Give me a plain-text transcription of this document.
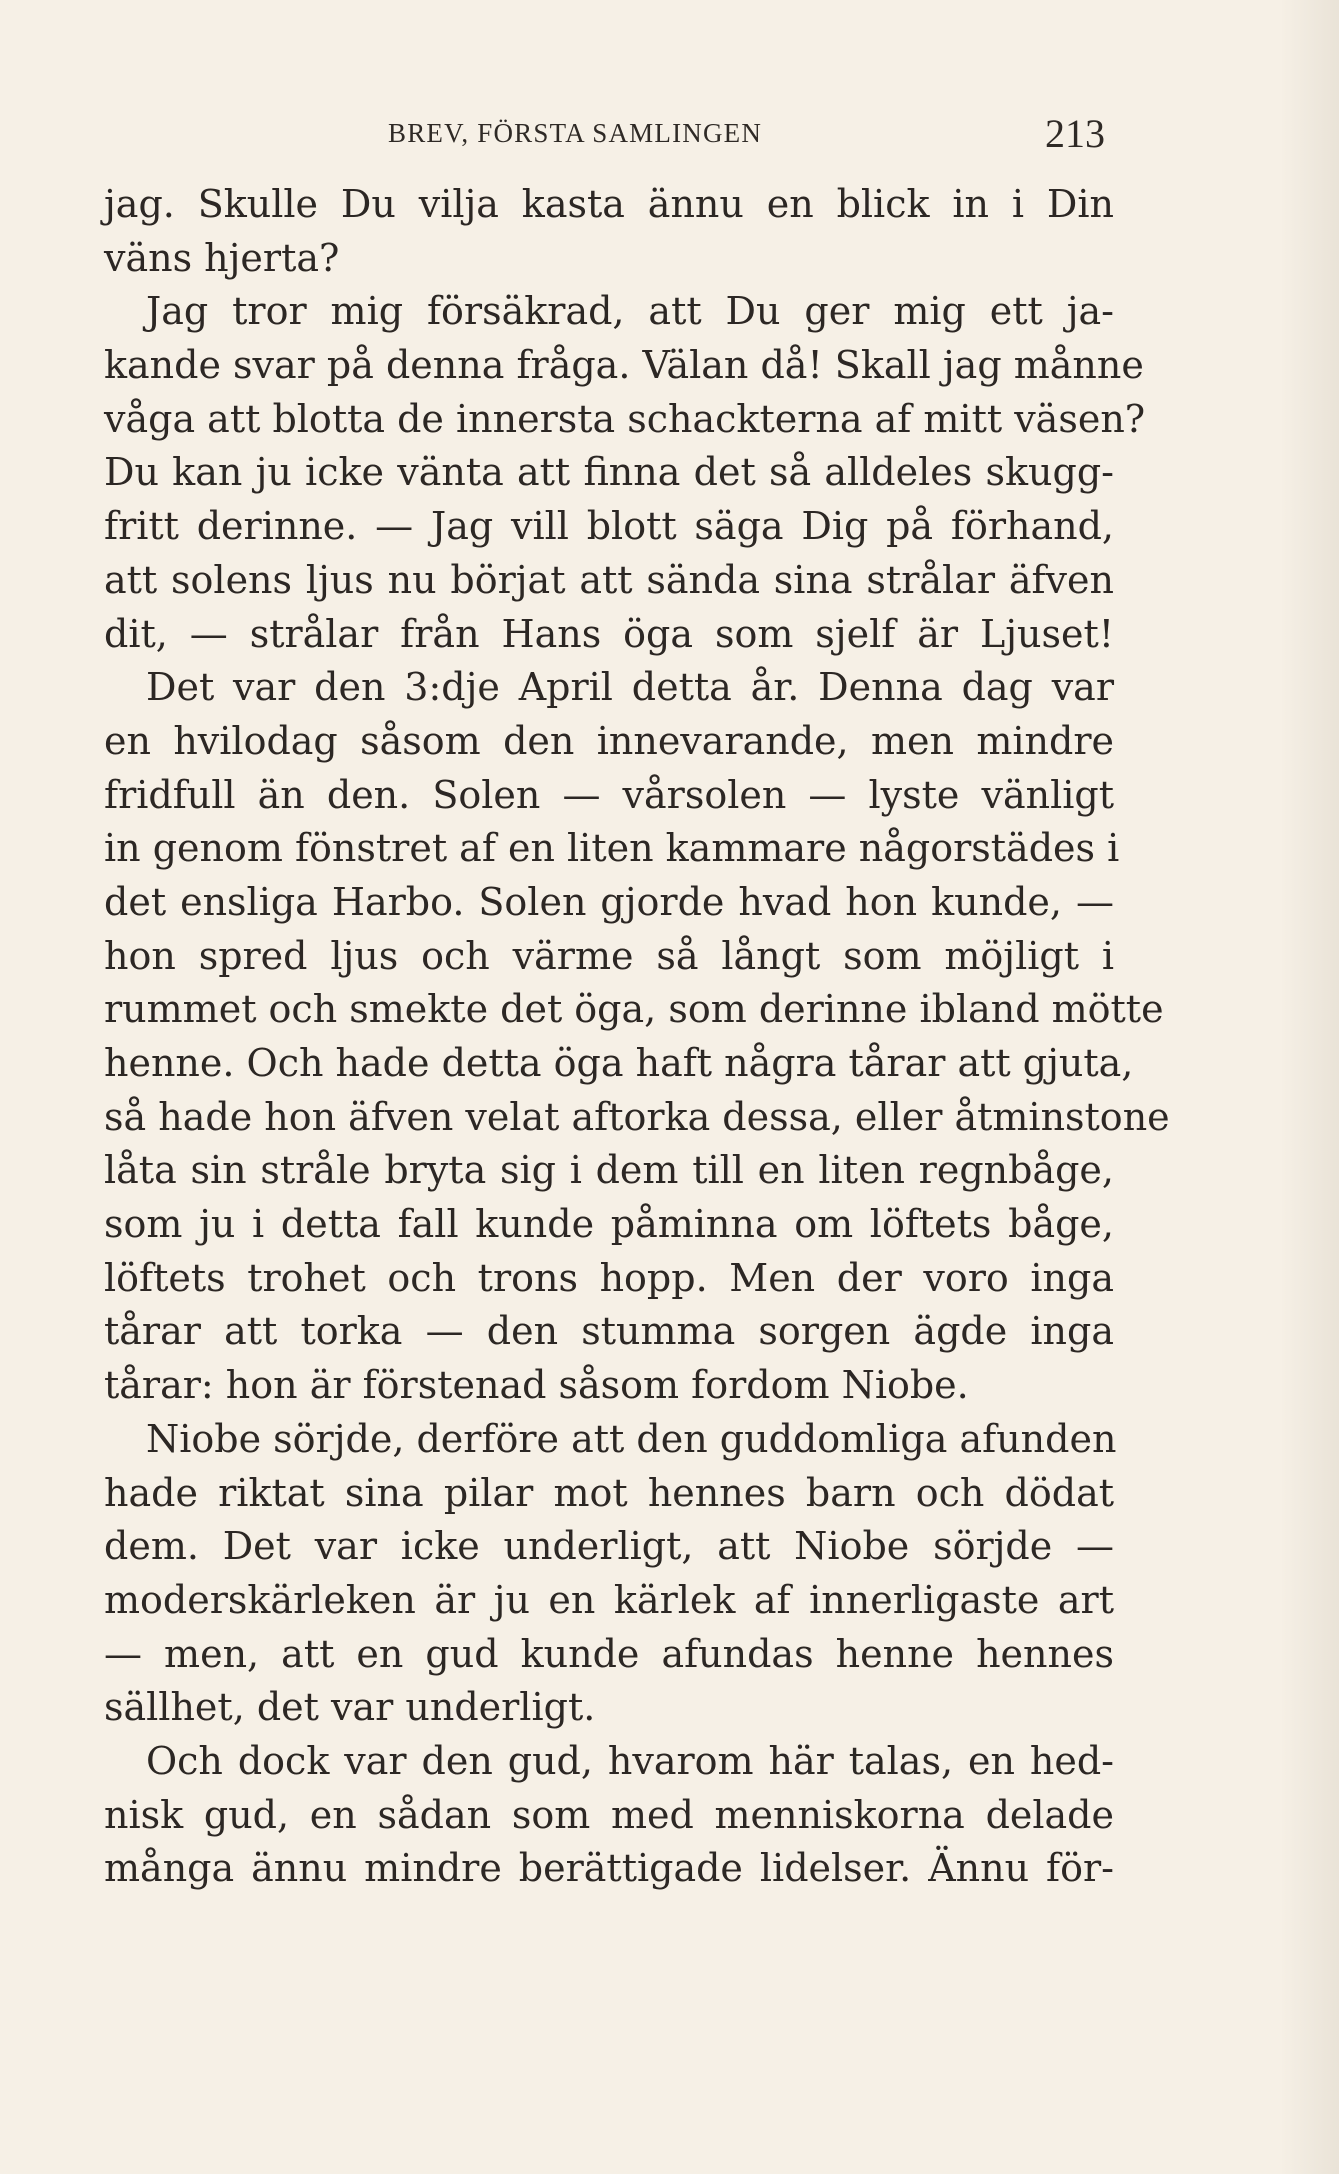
BREV, FÖRSTA SAMLINGEN	213
jag. Skulle Du vilja kasta ännu en blick in i Din
väns hjerta?
Jag tror mig försäkrad, att Du ger mig ett ja-
kande svar på denna fråga. Välan då! Skall jag månne
våga att blotta de innersta schackterna af mitt väsen?
Du kan ju icke vänta att finna det så alldeles skugg-
fritt derinne. — Jag vill blott säga Dig på förhand,
att solens ljus nu börjat att sända sina strålar äfven
dit, — strålar från Hans öga som sjelf är Ljuset!
Det var den 3:dje April detta år. Denna dag var
en hvilodag såsom den innevarande, men mindre
fridfull än den. Solen — vårsolen — lyste vänligt
in genom fönstret af en liten kammare någorstädes i
det ensliga Harbo. Solen gjorde hvad hon kunde, —
hon spred ljus och värme så långt som möjligt i
rummet och smekte det öga, som derinne ibland mötte
henne. Och hade detta öga haft några tårar att gjuta,
så hade hon äfven velat aftorka dessa, eller åtminstone
låta sin stråle bryta sig i dem till en liten regnbåge,
som ju i detta fall kunde påminna om löftets båge,
löftets trohet och trons hopp. Men der voro inga
tårar att torka — den stumma sorgen ägde inga
tårar: hon är förstenad såsom fordom Niobe.
Niobe sörjde, derföre att den guddomliga afunden
hade riktat sina pilar mot hennes barn och dödat
dem. Det var icke underligt, att Niobe sörjde —
moderskärleken är ju en kärlek af innerligaste art
— men, att en gud kunde afundas henne hennes
sällhet, det var underligt.
Och dock var den gud, hvarom här talas, en hed-
nisk gud, en sådan som med menniskorna delade
många ännu mindre berättigade lidelser. Ännu för-
